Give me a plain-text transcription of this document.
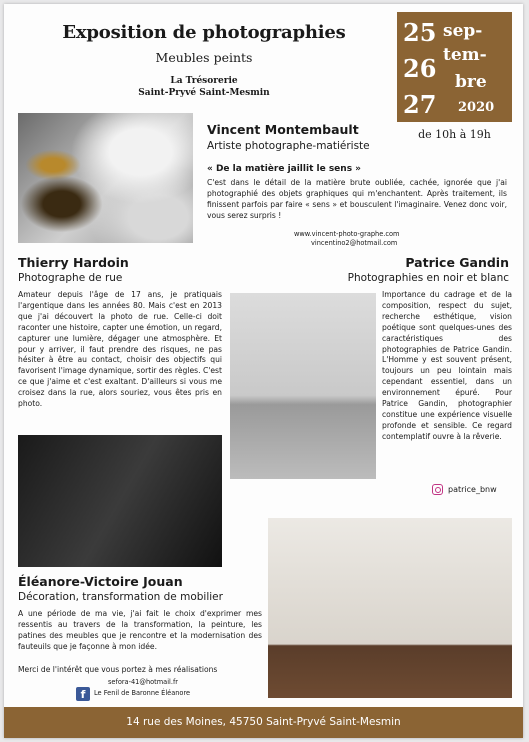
Exposition de photographies
Meubles peints
La Trésorerie
Saint-Pryvé Saint-Mesmin
25 sep-
26 tem-
bre
27 2020
de 10h à 19h
Vincent Montembault
Artiste photographe-matiériste
« De la matière jaillit le sens »

C'est dans le détail de la matière brute oubliée, cachée, ignorée que j'ai photographié des objets graphiques qui m'enchantent. Après traitement, ils finissent parfois par faire « sens » et bousculent l'imaginaire. Venez donc voir, vous serez surpris !

www.vincent-photo-graphe.com
vincentino2@hotmail.com
Thierry Hardoin
Photographe de rue

Amateur depuis l'âge de 17 ans, je pratiquais l'argentique dans les années 80. Mais c'est en 2013 que j'ai découvert la photo de rue. Celle-ci doit raconter une histoire, capter une émotion, un regard, capturer une lumière, dégager une atmosphère. Et pour y arriver, il faut prendre des risques, ne pas hésiter à être au contact, choisir des objectifs qui favorisent l'image dynamique, sortir des règles. C'est ce que j'aime et c'est exaltant. D'ailleurs si vous me croisez dans la rue, alors souriez, vous êtes pris en photo.

Patrice Gandin
Photographies en noir et blanc

Importance du cadrage et de la composition, respect du sujet, recherche esthétique, vision poétique sont quelques-unes des caractéristiques des photographies de Patrice Gandin. L'Homme y est souvent présent, toujours un peu lointain mais cependant essentiel, dans un environnement épuré. Pour Patrice Gandin, photographier constitue une expérience visuelle profonde et sensible. Ce regard contemplatif ouvre à la rêverie.

patrice_bnw
Éléanore-Victoire Jouan
Décoration, transformation de mobilier

A une période de ma vie, j'ai fait le choix d'exprimer mes ressentis au travers de la transformation, la peinture, les patines des meubles que je rencontre et la modernisation des fauteuils que je façonne à mon idée.

Merci de l'intérêt que vous portez à mes réalisations
sefora-41@hotmail.fr
f	Le Fenil de Baronne Éléanore
14 rue des Moines, 45750 Saint-Pryvé Saint-Mesmin
